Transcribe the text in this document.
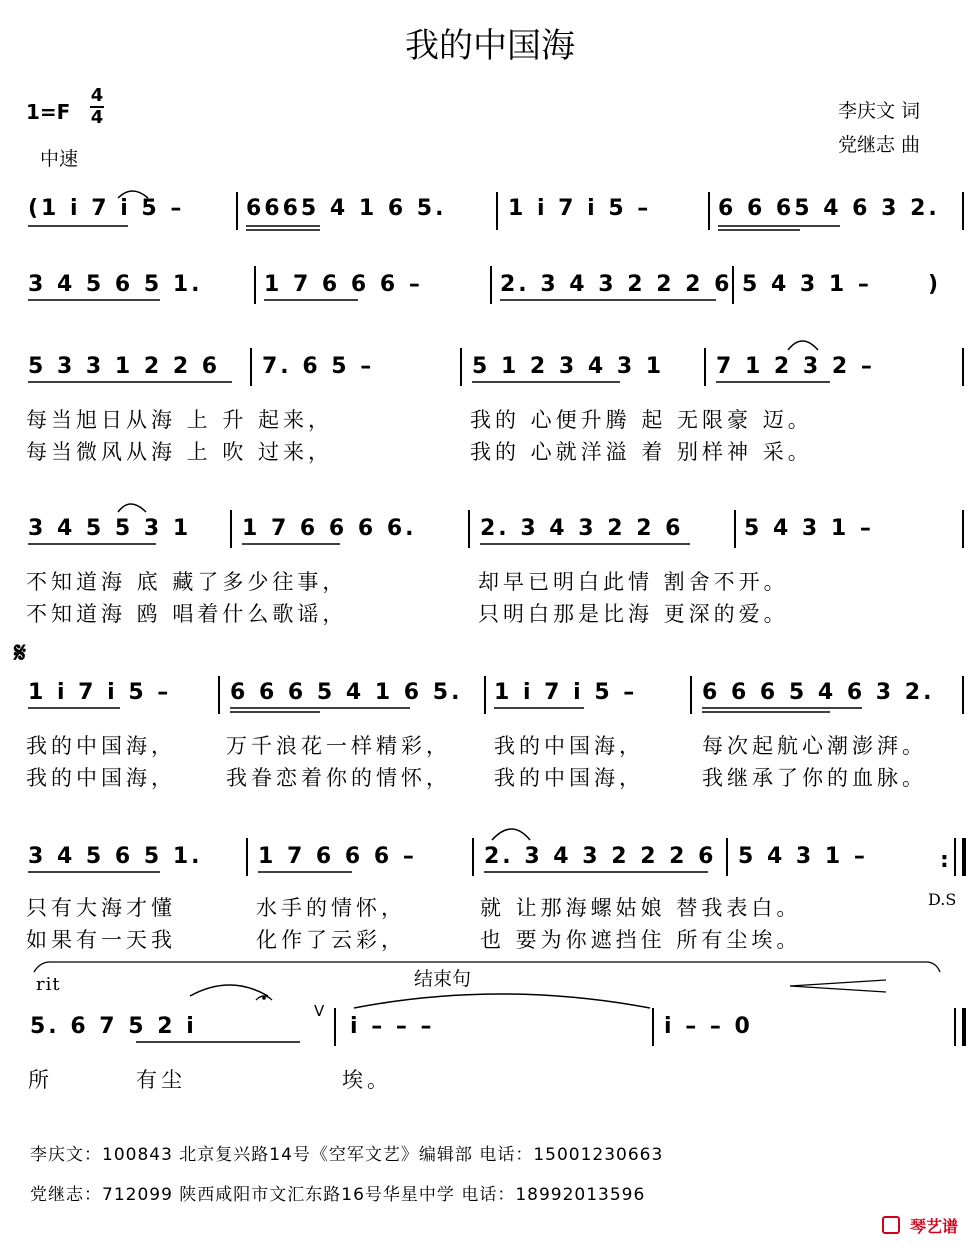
我的中国海
1=F
4
4
中速
李庆文 词
党继志 曲
(1 i 7 i 5 –	6665 4 1 6 5.	1 i 7 i 5 –	6 6 65 4 6 3 2.
3 4 5 6 5 1.	1 7 6 6 6 –	2. 3 4 3 2 2 2 6 5 4 3 1 –	)
5 3 3 1 2 2 6 7. 6 5 –	5 1 2 3 4 3 1 7 1 2 3 2 –
每当旭日从海 上 升 起来，	我的 心便升腾 起 无限豪 迈。
每当微风从海 上 吹 过来，	我的 心就洋溢 着 别样神 采。
3 4 5 5 3 1 1 7 6 6 6 6.	2. 3 4 3 2 2 6	5 4 3 1 –
不知道海 底 藏了多少往事，	却早已明白此情 割舍不开。
不知道海 鸥 唱着什么歌谣，	只明白那是比海 更深的爱。
𝄋
1 i 7 i 5 –	6 6 6 5 4 1 6 5. 1 i 7 i 5 –	6 6 6 5 4 6 3 2.
我的中国海， 万千浪花一样精彩， 我的中国海，	每次起航心潮澎湃。
我的中国海， 我眷恋着你的情怀， 我的中国海，	我继承了你的血脉。
3 4 5 6 5 1.	1 7 6 6 6 –	2. 3 4 3 2 2 2 6 5 4 3 1 –	:
只有大海才懂	水手的情怀，	就 让那海螺姑娘 替我表白。	D.S
如果有一天我	化作了云彩，	也 要为你遮挡住 所有尘埃。
rit	结束句
5. 6 7 5 2 i
V
i – – –	i – – 0
所	有尘	埃。
李庆文：100843 北京复兴路14号《空军文艺》编辑部 电话：15001230663
党继志：712099 陕西咸阳市文汇东路16号华星中学 电话：18992013596
琴艺谱
